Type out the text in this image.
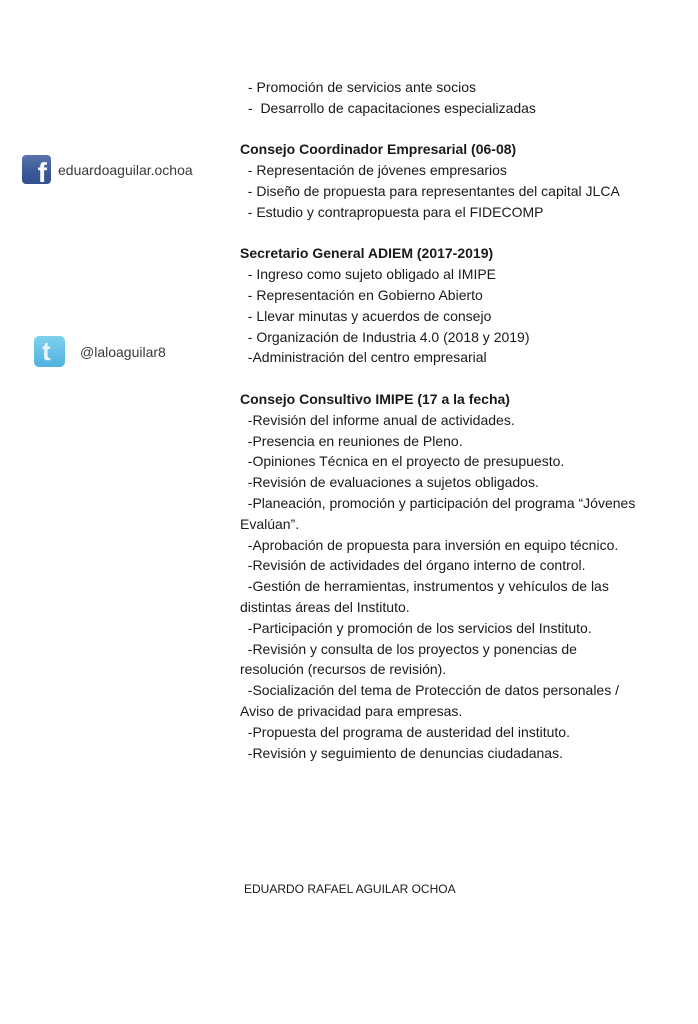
f eduardoaguilar.ochoa
t @laloaguilar8
- Promoción de servicios ante socios
-  Desarrollo de capacitaciones especializadas
Consejo Coordinador Empresarial (06-08)
- Representación de jóvenes empresarios
- Diseño de propuesta para representantes del capital JLCA
- Estudio y contrapropuesta para el FIDECOMP
Secretario General ADIEM (2017-2019)
- Ingreso como sujeto obligado al IMIPE
- Representación en Gobierno Abierto
- Llevar minutas y acuerdos de consejo
- Organización de Industria 4.0 (2018 y 2019)
-Administración del centro empresarial
Consejo Consultivo IMIPE (17 a la fecha)
-Revisión del informe anual de actividades.
-Presencia en reuniones de Pleno.
-Opiniones Técnica en el proyecto de presupuesto.
-Revisión de evaluaciones a sujetos obligados.
-Planeación, promoción y participación del programa “Jóvenes
Evalúan”.
-Aprobación de propuesta para inversión en equipo técnico.
-Revisión de actividades del órgano interno de control.
-Gestión de herramientas, instrumentos y vehículos de las
distintas áreas del Instituto.
-Participación y promoción de los servicios del Instituto.
-Revisión y consulta de los proyectos y ponencias de
resolución (recursos de revisión).
-Socialización del tema de Protección de datos personales /
Aviso de privacidad para empresas.
-Propuesta del programa de austeridad del instituto.
-Revisión y seguimiento de denuncias ciudadanas.
EDUARDO RAFAEL AGUILAR OCHOA
